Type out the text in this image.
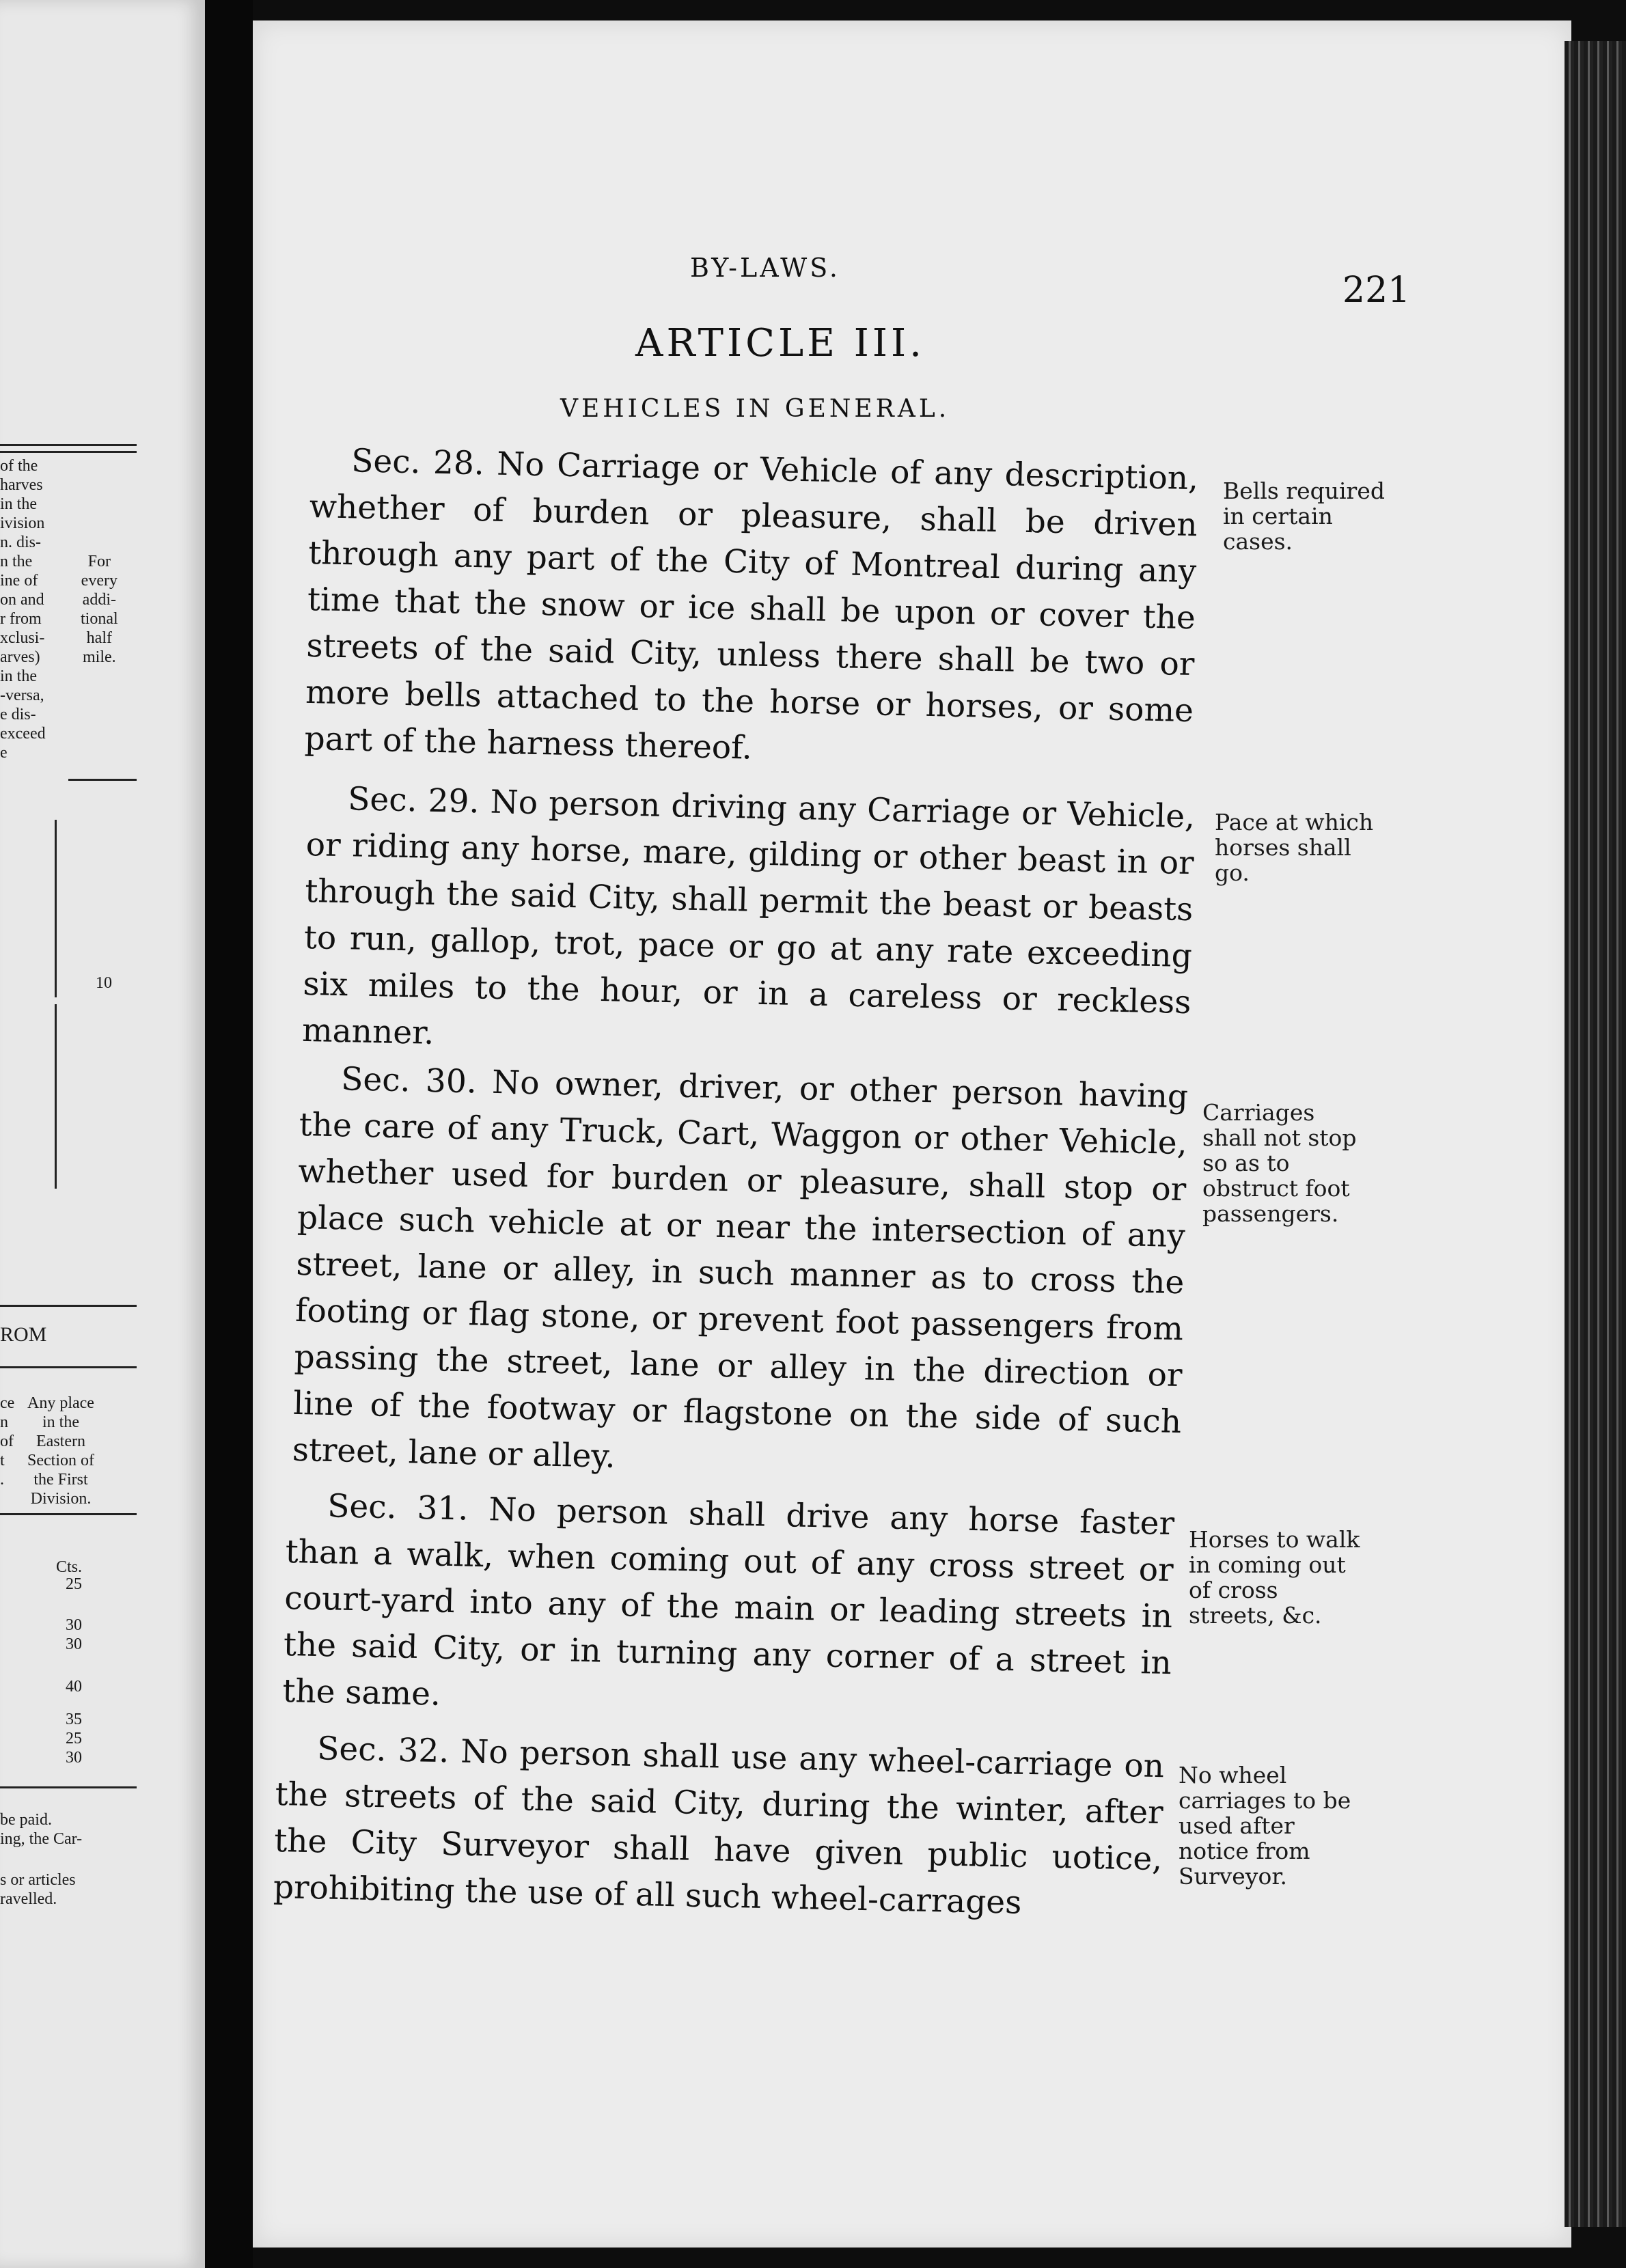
of the
harves
in the
ivision
n. dis-
n the
ine of
on and
r from
xclusi-
arves)
in the
-versa,
e dis-
exceed
e
For
every
addi-
tional
half
mile.
10
ROM
ce
n
of
t
.
Any place
in the
Eastern
Section of
the First
Division.
Cts.
25
30
30
40
35
25
30
be paid.
ing, the Car-
s or articles
ravelled.
BY-LAWS.
221
ARTICLE III.
VEHICLES IN GENERAL.

Sec. 28. No Carriage or Vehicle of any description, whether of burden or pleasure, shall be driven through any part of the City of Montreal during any time that the snow or ice shall be upon or cover the streets of the said City, unless there shall be two or more bells attached to the horse or horses, or some part of the harness thereof.

Bells required in certain cases.

Sec. 29. No person driving any Carriage or Vehicle, or riding any horse, mare, gilding or other beast in or through the said City, shall permit the beast or beasts to run, gallop, trot, pace or go at any rate exceeding six miles to the hour, or in a careless or reckless manner.

Pace at which horses shall go.

Sec. 30. No owner, driver, or other person having the care of any Truck, Cart, Waggon or other Vehicle, whether used for burden or pleasure, shall stop or place such vehicle at or near the intersection of any street, lane or alley, in such manner as to cross the footing or flag stone, or prevent foot passengers from passing the street, lane or alley in the direction or line of the footway or flagstone on the side of such street, lane or alley.

Carriages shall not stop so as to obstruct foot passengers.

Sec. 31. No person shall drive any horse faster than a walk, when coming out of any cross street or court-yard into any of the main or leading streets in the said City, or in turning any corner of a street in the same.

Horses to walk in coming out of cross streets, &c.

Sec. 32. No person shall use any wheel-carriage on the streets of the said City, during the winter, after the City Surveyor shall have given public uotice, prohibiting the use of all such wheel-carrages

No wheel carriages to be used after notice from Surveyor.
